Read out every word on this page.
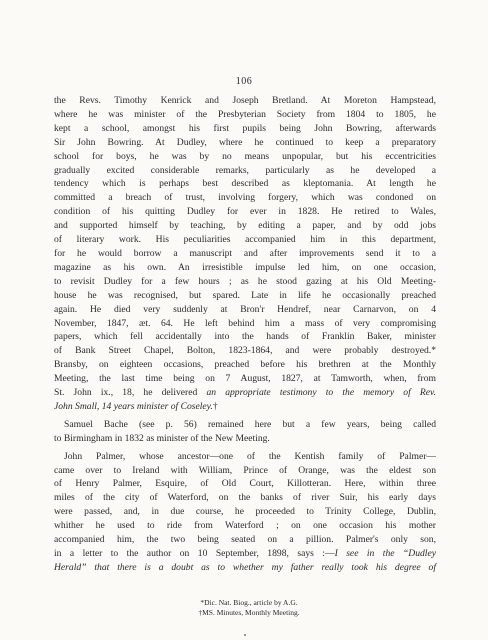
106

the Revs. Timothy Kenrick and Joseph Bretland. At Moreton Hampstead,
where he was minister of the Presbyterian Society from 1804 to 1805, he
kept a school, amongst his first pupils being John Bowring, afterwards
Sir John Bowring. At Dudley, where he continued to keep a preparatory
school for boys, he was by no means unpopular, but his eccentricities
gradually excited considerable remarks, particularly as he developed a
tendency which is perhaps best described as kleptomania. At length he
committed a breach of trust, involving forgery, which was condoned on
condition of his quitting Dudley for ever in 1828. He retired to Wales,
and supported himself by teaching, by editing a paper, and by odd jobs
of literary work. His peculiarities accompanied him in this department,
for he would borrow a manuscript and after improvements send it to a
magazine as his own. An irresistible impulse led him, on one occasion,
to revisit Dudley for a few hours ; as he stood gazing at his Old Meeting-
house he was recognised, but spared. Late in life he occasionally preached
again. He died very suddenly at Bron'r Hendref, near Carnarvon, on 4
November, 1847, æt. 64. He left behind him a mass of very compromising
papers, which fell accidentally into the hands of Franklin Baker, minister
of Bank Street Chapel, Bolton, 1823-1864, and were probably destroyed.*
Bransby, on eighteen occasions, preached before his brethren at the Monthly
Meeting, the last time being on 7 August, 1827, at Tamworth, when, from
St. John ix., 18, he delivered an appropriate testimony to the memory of Rev.
John Small, 14 years minister of Coseley.†

Samuel Bache (see p. 56) remained here but a few years, being called
to Birmingham in 1832 as minister of the New Meeting.

John Palmer, whose ancestor—one of the Kentish family of Palmer—
came over to Ireland with William, Prince of Orange, was the eldest son
of Henry Palmer, Esquire, of Old Court, Killotteran. Here, within three
miles of the city of Waterford, on the banks of river Suir, his early days
were passed, and, in due course, he proceeded to Trinity College, Dublin,
whither he used to ride from Waterford ; on one occasion his mother
accompanied him, the two being seated on a pillion. Palmer's only son,
in a letter to the author on 10 September, 1898, says :—I see in the “Dudley
Herald” that there is a doubt as to whether my father really took his degree of

*Dic. Nat. Biog., article by A.G.
†MS. Minutes, Monthly Meeting.
